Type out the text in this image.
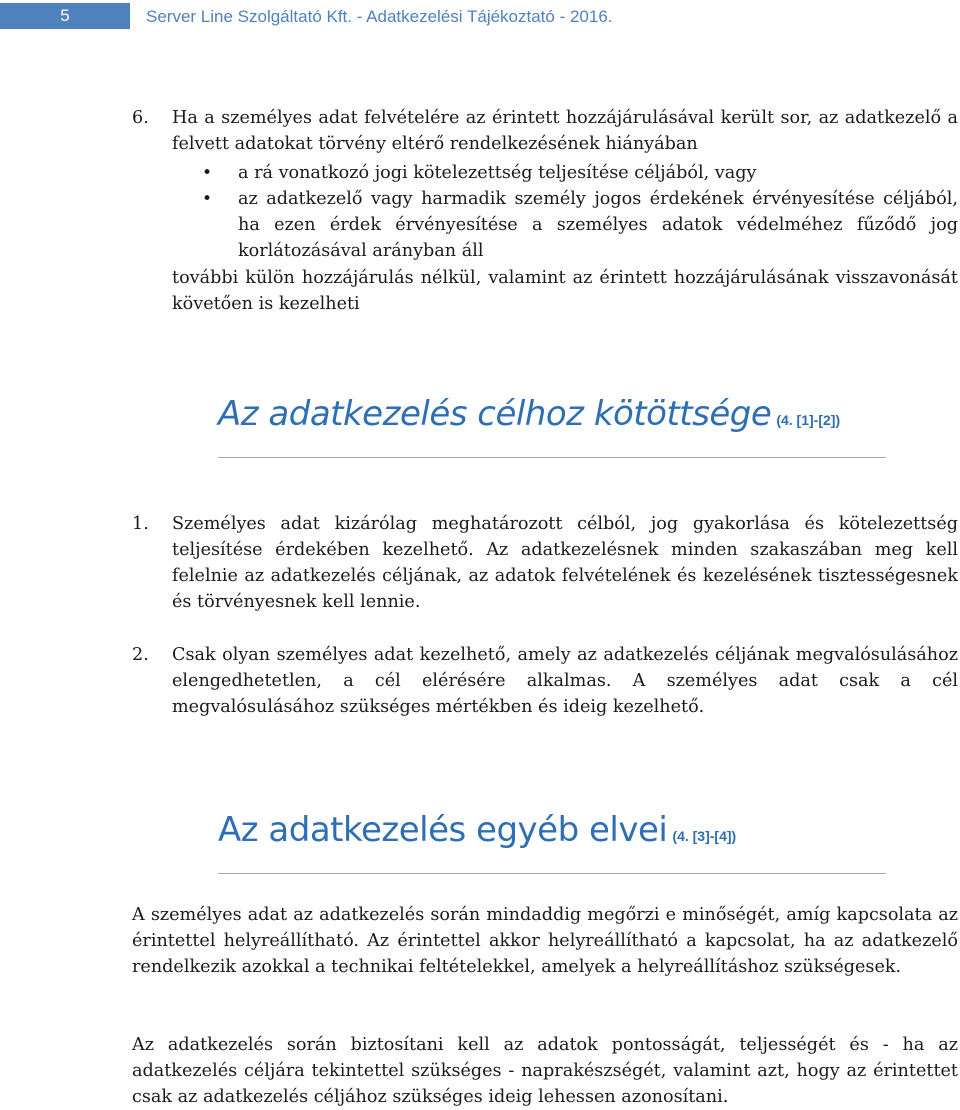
5	Server Line Szolgáltató Kft. - Adatkezelési Tájékoztató - 2016.
6. Ha a személyes adat felvételére az érintett hozzájárulásával került sor, az adatkezelő a felvett adatokat törvény eltérő rendelkezésének hiányában

• a rá vonatkozó jogi kötelezettség teljesítése céljából, vagy
• az adatkezelő vagy harmadik személy jogos érdekének érvényesítése céljából, ha ezen érdek érvényesítése a személyes adatok védelméhez fűződő jog korlátozásával arányban áll

további külön hozzájárulás nélkül, valamint az érintett hozzájárulásának visszavonását követően is kezelheti

Az adatkezelés célhoz kötöttsége (4. [1]-[2])
1. Személyes adat kizárólag meghatározott célból, jog gyakorlása és kötelezettség teljesítése érdekében kezelhető. Az adatkezelésnek minden szakaszában meg kell felelnie az adatkezelés céljának, az adatok felvételének és kezelésének tisztességesnek és törvényesnek kell lennie.

2. Csak olyan személyes adat kezelhető, amely az adatkezelés céljának megvalósulásához elengedhetetlen, a cél elérésére alkalmas. A személyes adat csak a cél megvalósulásához szükséges mértékben és ideig kezelhető.

Az adatkezelés egyéb elvei (4. [3]-[4])

A személyes adat az adatkezelés során mindaddig megőrzi e minőségét, amíg kapcsolata az érintettel helyreállítható. Az érintettel akkor helyreállítható a kapcsolat, ha az adatkezelő rendelkezik azokkal a technikai feltételekkel, amelyek a helyreállításhoz szükségesek.

Az adatkezelés során biztosítani kell az adatok pontosságát, teljességét és - ha az adatkezelés céljára tekintettel szükséges - naprakészségét, valamint azt, hogy az érintettet csak az adatkezelés céljához szükséges ideig lehessen azonosítani.
